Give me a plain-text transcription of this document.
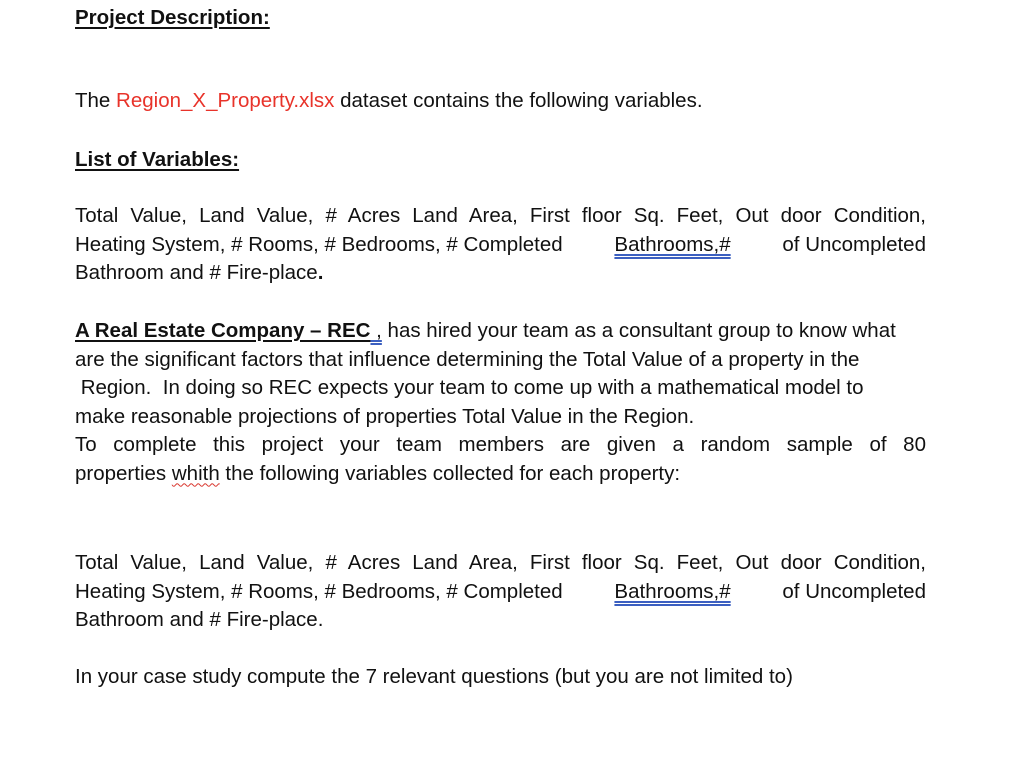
Project Description:
The Region_X_Property.xlsx dataset contains the following variables.
List of Variables:
Total Value, Land Value, # Acres Land Area, First floor Sq. Feet, Out door Condition,
Heating System, # Rooms, # Bedrooms, # Completed Bathrooms,# of Uncompleted
Bathroom and # Fire-place.
A Real Estate Company – REC , has hired your team as a consultant group to know what
are the significant factors that influence determining the Total Value of a property in the
Region.  In doing so REC expects your team to come up with a mathematical model to
make reasonable projections of properties Total Value in the Region.
To complete this project your team members are given a random sample of 80
properties whith the following variables collected for each property:
Total Value, Land Value, # Acres Land Area, First floor Sq. Feet, Out door Condition,
Heating System, # Rooms, # Bedrooms, # Completed Bathrooms,# of Uncompleted
Bathroom and # Fire-place.
In your case study compute the 7 relevant questions (but you are not limited to)
